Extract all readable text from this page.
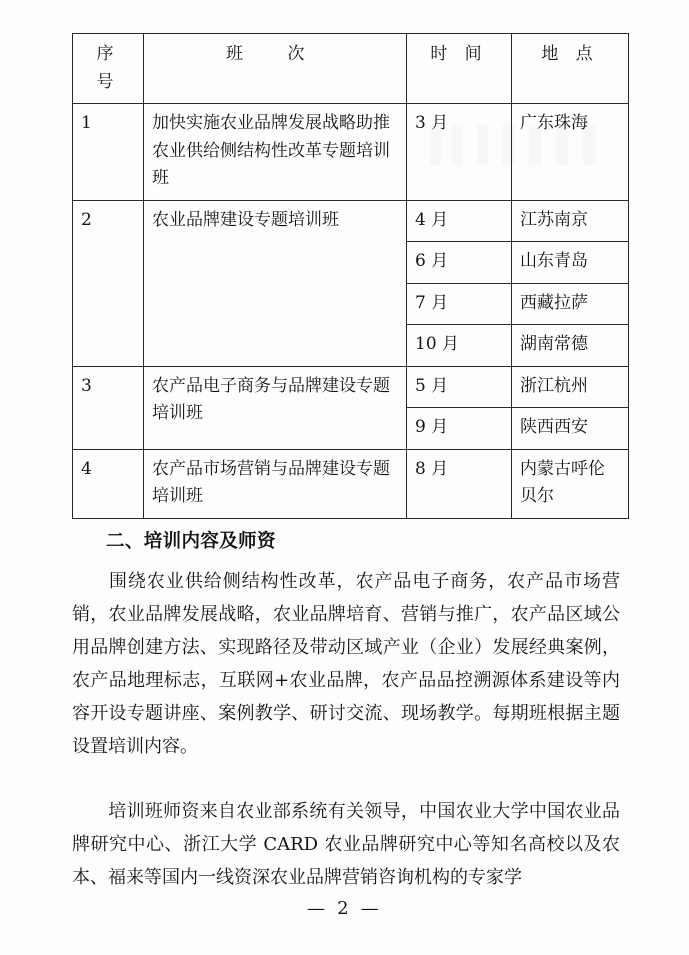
序 号	班 次	时 间	地 点
1	加快实施农业品牌发展战略助推农业供给侧结构性改革专题培训班	3 月	广东珠海
2	农业品牌建设专题培训班	4 月	江苏南京
		6 月	山东青岛
		7 月	西藏拉萨
		10 月	湖南常德
3	农产品电子商务与品牌建设专题培训班	5 月	浙江杭州
		9 月	陕西西安
4	农产品市场营销与品牌建设专题培训班	8 月	内蒙古呼伦贝尔
二、培训内容及师资
围绕农业供给侧结构性改革，农产品电子商务，农产品市场营销，农业品牌发展战略，农业品牌培育、营销与推广，农产品区域公用品牌创建方法、实现路径及带动区域产业（企业）发展经典案例，农产品地理标志，互联网+农业品牌，农产品品控溯源体系建设等内容开设专题讲座、案例教学、研讨交流、现场教学。每期班根据主题设置培训内容。
培训班师资来自农业部系统有关领导，中国农业大学中国农业品牌研究中心、浙江大学 CARD 农业品牌研究中心等知名高校以及农本、福来等国内一线资深农业品牌营销咨询机构的专家学
— 2 —
